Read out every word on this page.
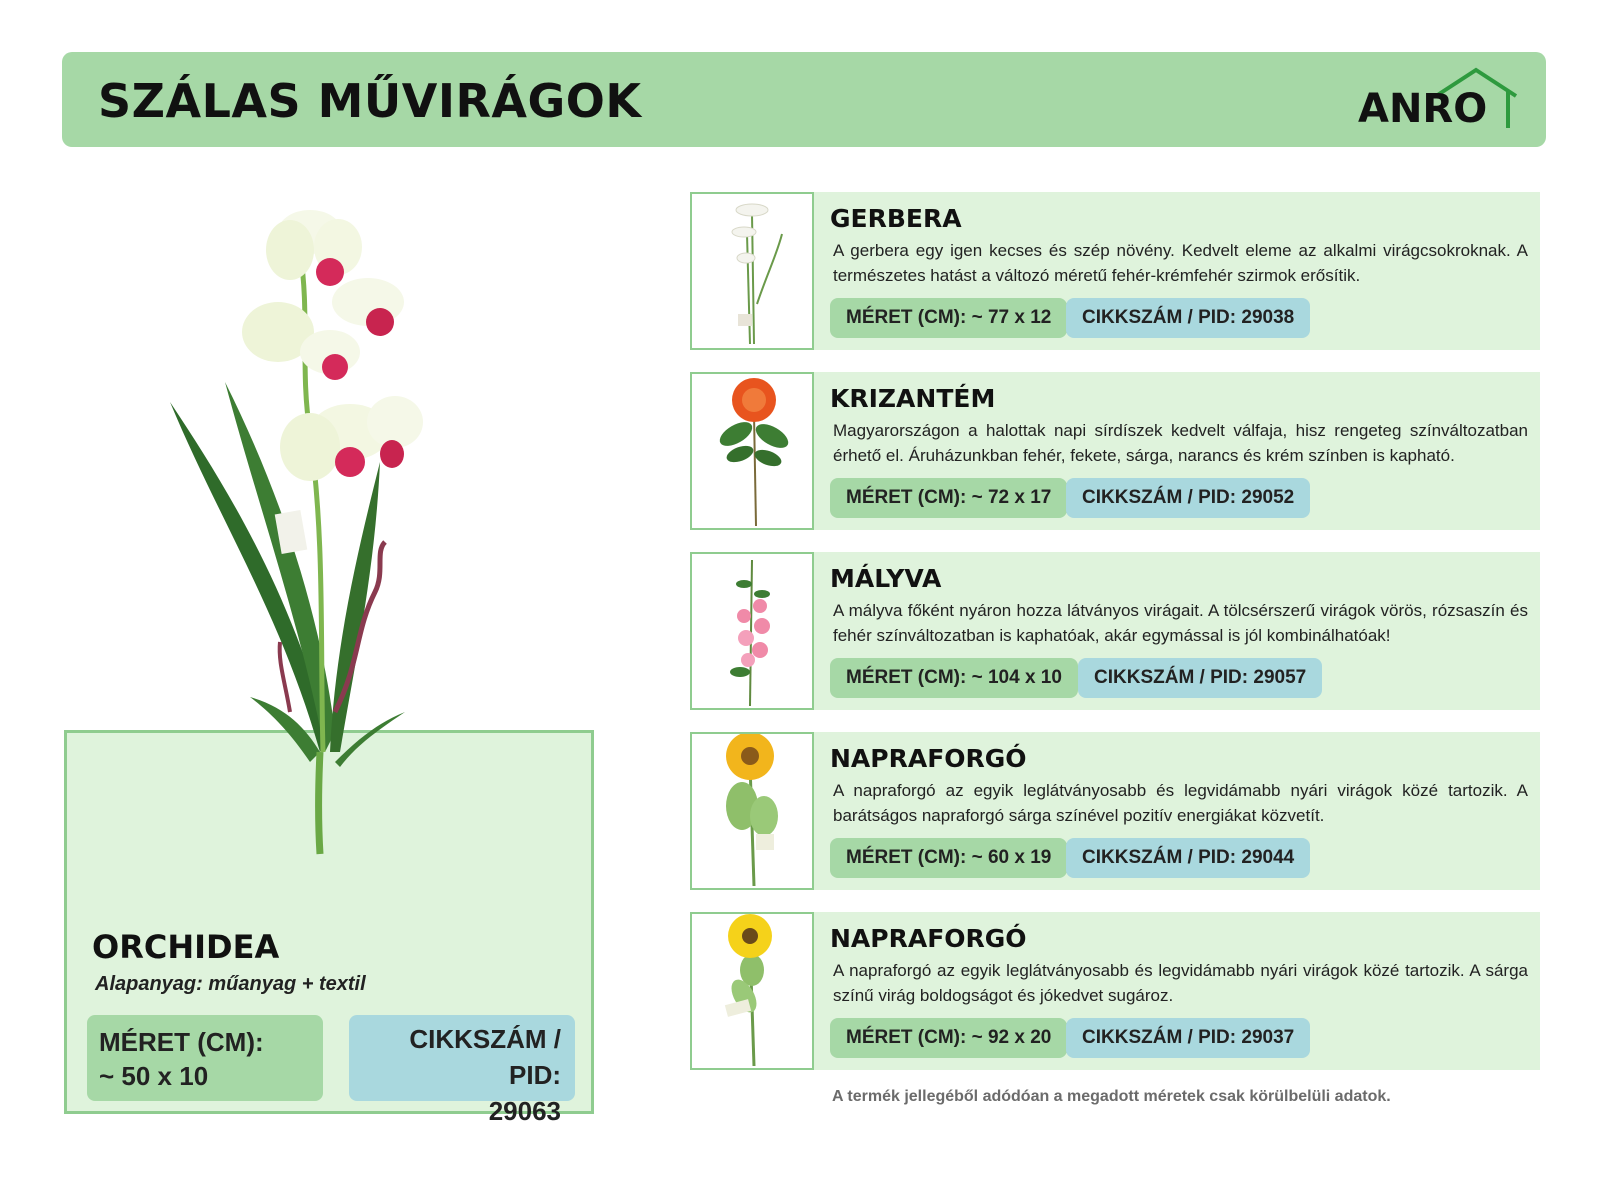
SZÁLAS MŰVIRÁGOK	ANRO
ORCHIDEA
Alapanyag: műanyag + textil
MÉRET (CM):
~ 50 x 10
CIKKSZÁM / PID:
29063
GERBERA
A gerbera egy igen kecses és szép növény. Kedvelt eleme az alkalmi virágcsokroknak. A természetes hatást a változó méretű fehér-krémfehér szirmok erősítik.
MÉRET (CM): ~ 77 x 12	CIKKSZÁM / PID: 29038
KRIZANTÉM
Magyarországon a halottak napi sírdíszek kedvelt válfaja, hisz rengeteg színváltozatban érhető el. Áruházunkban fehér, fekete, sárga, narancs és krém színben is kapható.
MÉRET (CM): ~ 72 x 17	CIKKSZÁM / PID: 29052
MÁLYVA
A mályva főként nyáron hozza látványos virágait. A tölcsérszerű virágok vörös, rózsaszín és fehér színváltozatban is kaphatóak, akár egymással is jól kombinálhatóak!
MÉRET (CM): ~ 104 x 10	CIKKSZÁM / PID: 29057
NAPRAFORGÓ
A napraforgó az egyik leglátványosabb és legvidámabb nyári virágok közé tartozik. A barátságos napraforgó sárga színével pozitív energiákat közvetít.
MÉRET (CM): ~ 60 x 19	CIKKSZÁM / PID: 29044
NAPRAFORGÓ
A napraforgó az egyik leglátványosabb és legvidámabb nyári virágok közé tartozik. A sárga színű virág boldogságot és jókedvet sugároz.
MÉRET (CM): ~ 92 x 20	CIKKSZÁM / PID: 29037
A termék jellegéből adódóan a megadott méretek csak körülbelüli adatok.
